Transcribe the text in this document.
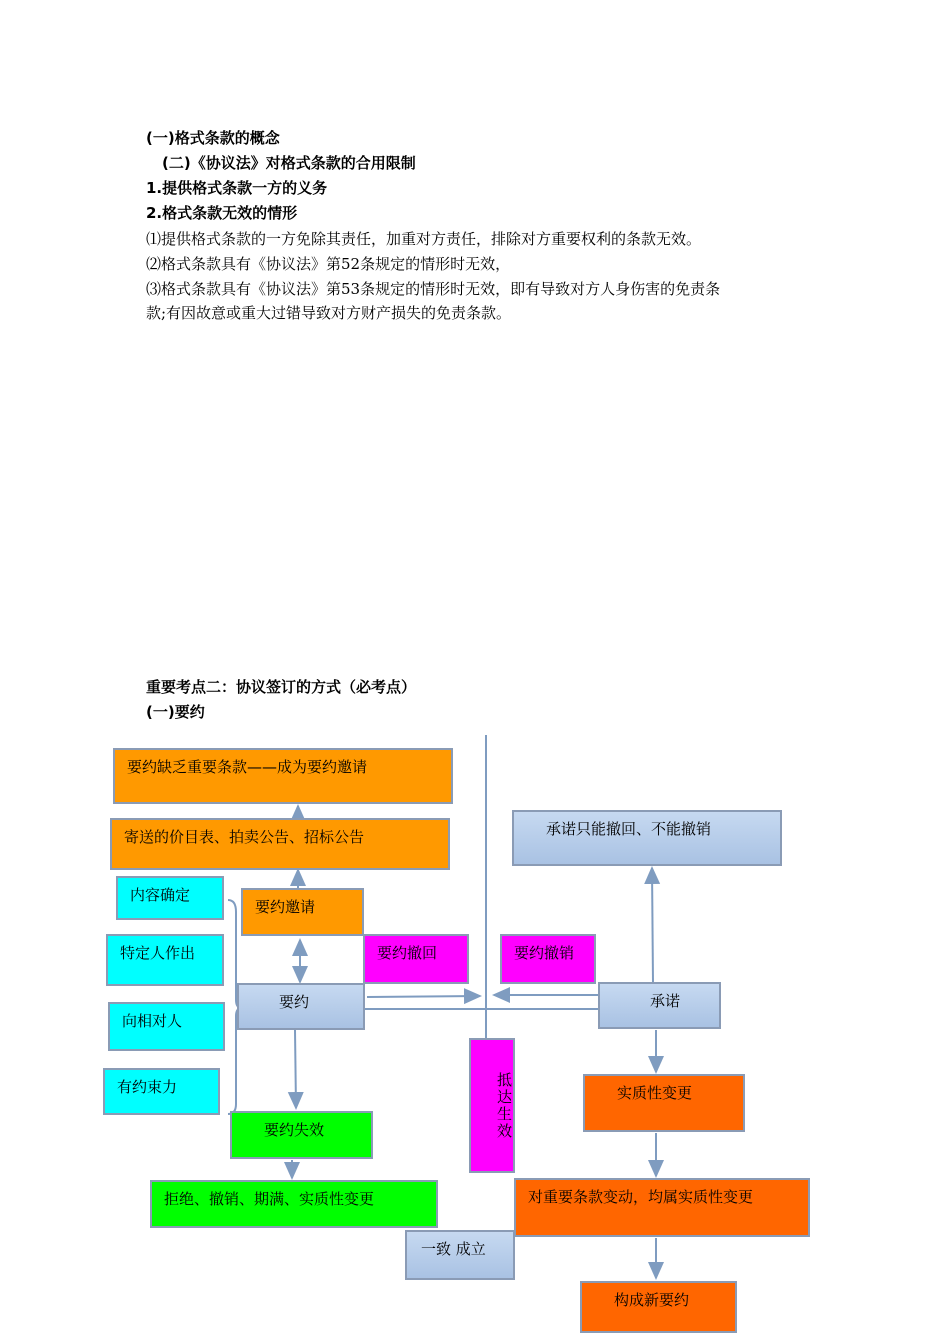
(一)格式条款的概念
(二)《协议法》对格式条款的合用限制
1.提供格式条款一方的义务
2.格式条款无效的情形
⑴提供格式条款的一方免除其责任，加重对方责任，排除对方重要权利的条款无效。
⑵格式条款具有《协议法》第52条规定的情形时无效，
⑶格式条款具有《协议法》第53条规定的情形时无效，即有导致对方人身伤害的免责条
款;有因故意或重大过错导致对方财产损失的免责条款。
重要考点二：协议签订的方式（必考点）
(一)要约
要约缺乏重要条款——成为要约邀请
寄送的价目表、拍卖公告、招标公告
内容确定
特定人作出
向相对人
有约束力
要约邀请
要约撤回	要约撤销
要约	承诺
承诺只能撤回、不能撤销
抵达生效
要约失效
拒绝、撤销、期满、实质性变更
实质性变更
对重要条款变动，均属实质性变更
一致 成立
构成新要约
